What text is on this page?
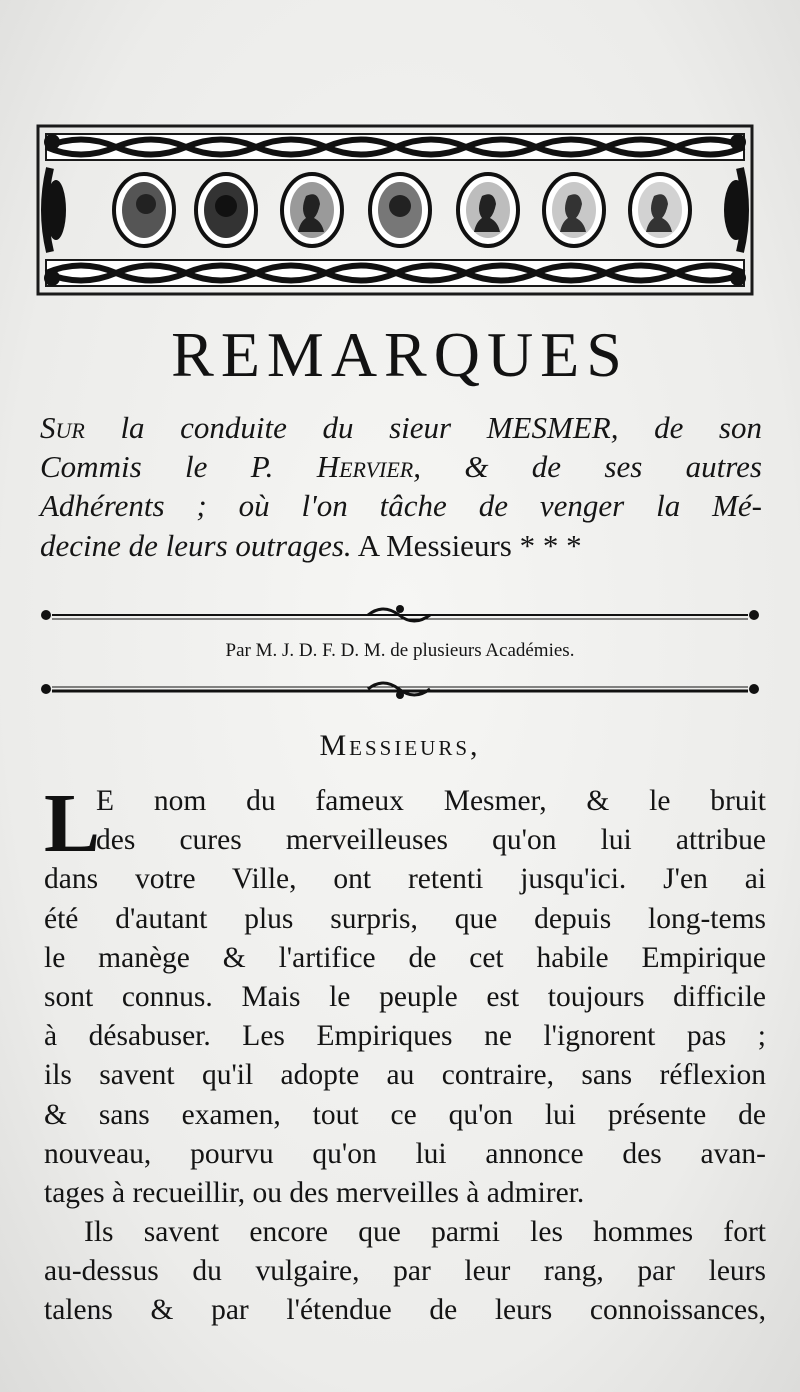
REMARQUES
Sur la conduite du sieur MESMER, de son
Commis le P. Hervier, & de ses autres
Adhérents ; où l'on tâche de venger la Mé-
decine de leurs outrages. A Messieurs * * *
Par M. J. D. F. D. M. de plusieurs Académies.
Messieurs,
L
E nom du fameux Mesmer, & le bruit
des cures merveilleuses qu'on lui attribue
dans votre Ville, ont retenti jusqu'ici. J'en ai
été d'autant plus surpris, que depuis long-tems
le manège & l'artifice de cet habile Empirique
sont connus. Mais le peuple est toujours difficile
à désabuser. Les Empiriques ne l'ignorent pas ;
ils savent qu'il adopte au contraire, sans réflexion
& sans examen, tout ce qu'on lui présente de
nouveau, pourvu qu'on lui annonce des avan-
tages à recueillir, ou des merveilles à admirer.
Ils savent encore que parmi les hommes fort
au-dessus du vulgaire, par leur rang, par leurs
talens & par l'étendue de leurs connoissances,
